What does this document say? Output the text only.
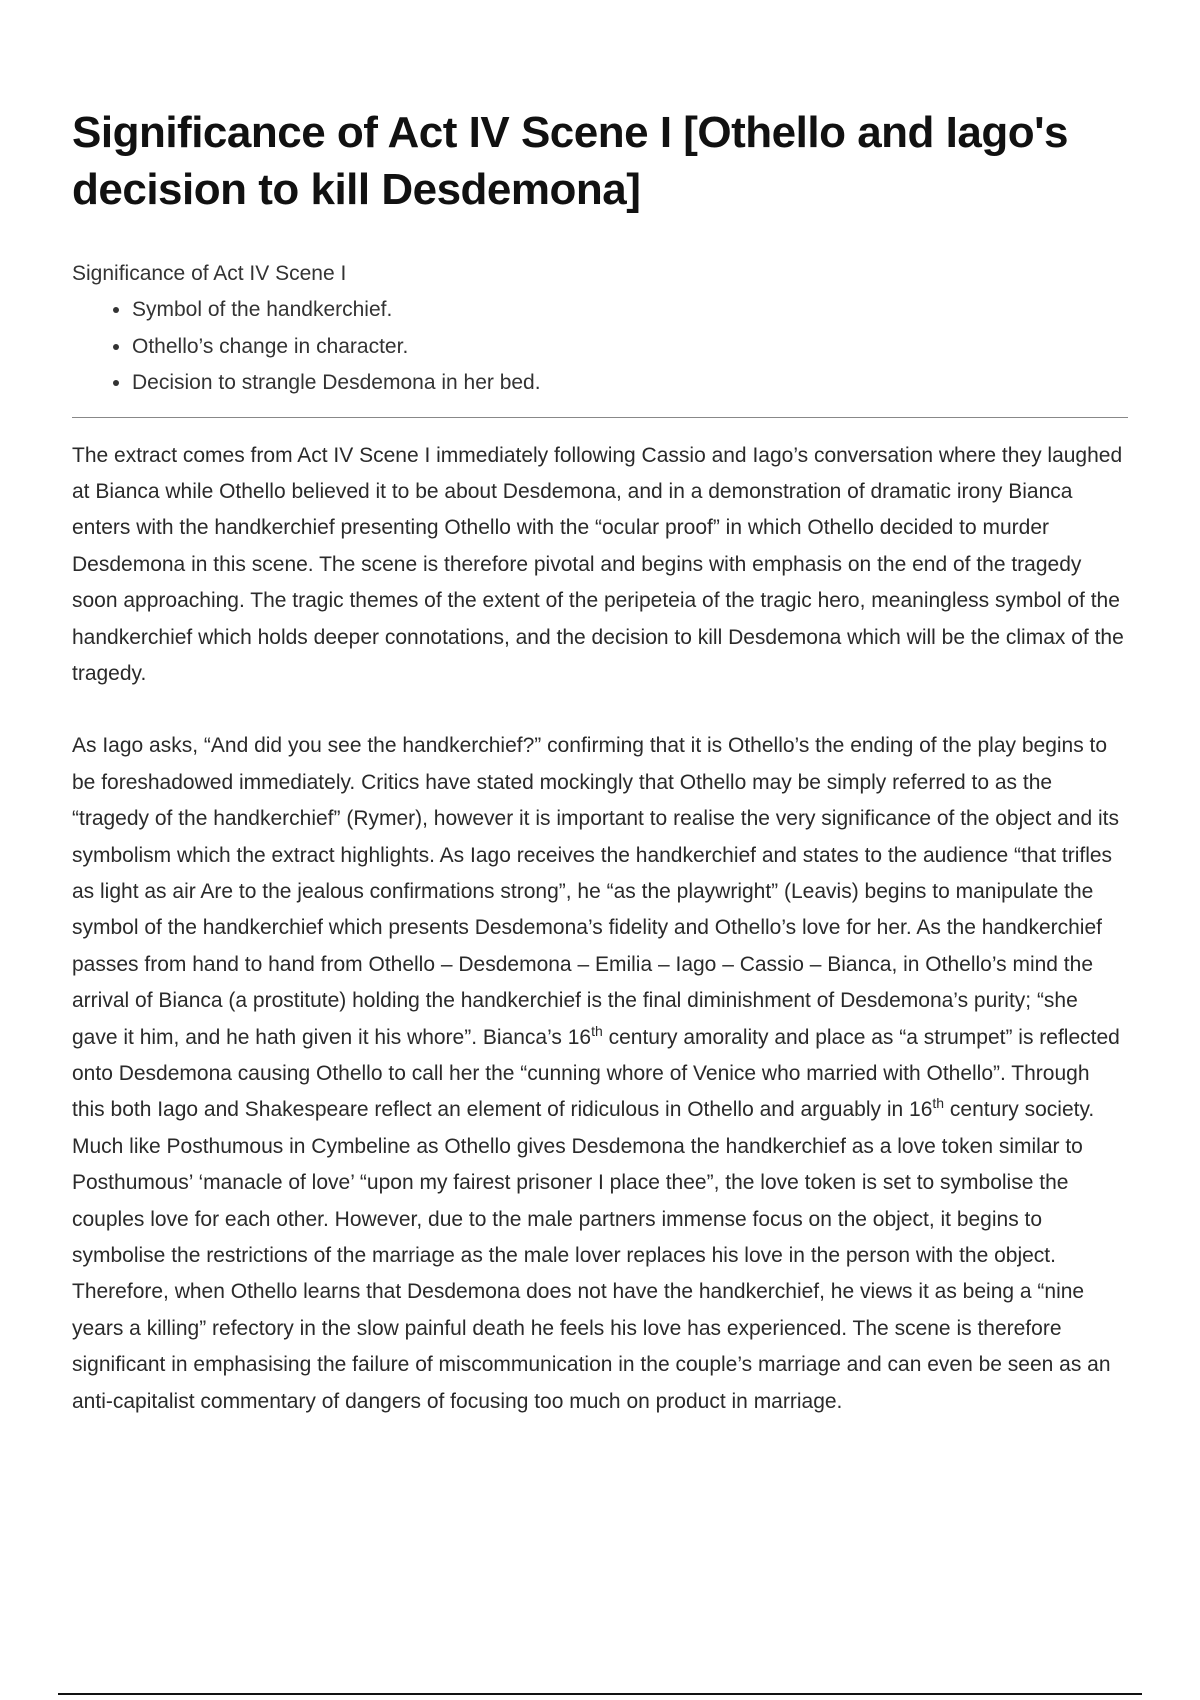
Significance of Act IV Scene I [Othello and Iago's decision to kill Desdemona]
Significance of Act IV Scene I
• Symbol of the handkerchief.
• Othello’s change in character.
• Decision to strangle Desdemona in her bed.

The extract comes from Act IV Scene I immediately following Cassio and Iago’s conversation where they laughed at Bianca while Othello believed it to be about Desdemona, and in a demonstration of dramatic irony Bianca enters with the handkerchief presenting Othello with the “ocular proof” in which Othello decided to murder Desdemona in this scene. The scene is therefore pivotal and begins with emphasis on the end of the tragedy soon approaching. The tragic themes of the extent of the peripeteia of the tragic hero, meaningless symbol of the handkerchief which holds deeper connotations, and the decision to kill Desdemona which will be the climax of the tragedy.

As Iago asks, “And did you see the handkerchief?” confirming that it is Othello’s the ending of the play begins to be foreshadowed immediately. Critics have stated mockingly that Othello may be simply referred to as the “tragedy of the handkerchief” (Rymer), however it is important to realise the very significance of the object and its symbolism which the extract highlights. As Iago receives the handkerchief and states to the audience “that trifles as light as air Are to the jealous confirmations strong”, he “as the playwright” (Leavis) begins to manipulate the symbol of the handkerchief which presents Desdemona’s fidelity and Othello’s love for her. As the handkerchief passes from hand to hand from Othello – Desdemona – Emilia – Iago – Cassio – Bianca, in Othello’s mind the arrival of Bianca (a prostitute) holding the handkerchief is the final diminishment of Desdemona’s purity; “she gave it him, and he hath given it his whore”. Bianca’s 16th century amorality and place as “a strumpet” is reflected onto Desdemona causing Othello to call her the “cunning whore of Venice who married with Othello”. Through this both Iago and Shakespeare reflect an element of ridiculous in Othello and arguably in 16th century society. Much like Posthumous in Cymbeline as Othello gives Desdemona the handkerchief as a love token similar to Posthumous’ ‘manacle of love’ “upon my fairest prisoner I place thee”, the love token is set to symbolise the couples love for each other. However, due to the male partners immense focus on the object, it begins to symbolise the restrictions of the marriage as the male lover replaces his love in the person with the object. Therefore, when Othello learns that Desdemona does not have the handkerchief, he views it as being a “nine years a killing” refectory in the slow painful death he feels his love has experienced. The scene is therefore significant in emphasising the failure of miscommunication in the couple’s marriage and can even be seen as an anti-capitalist commentary of dangers of focusing too much on product in marriage.
